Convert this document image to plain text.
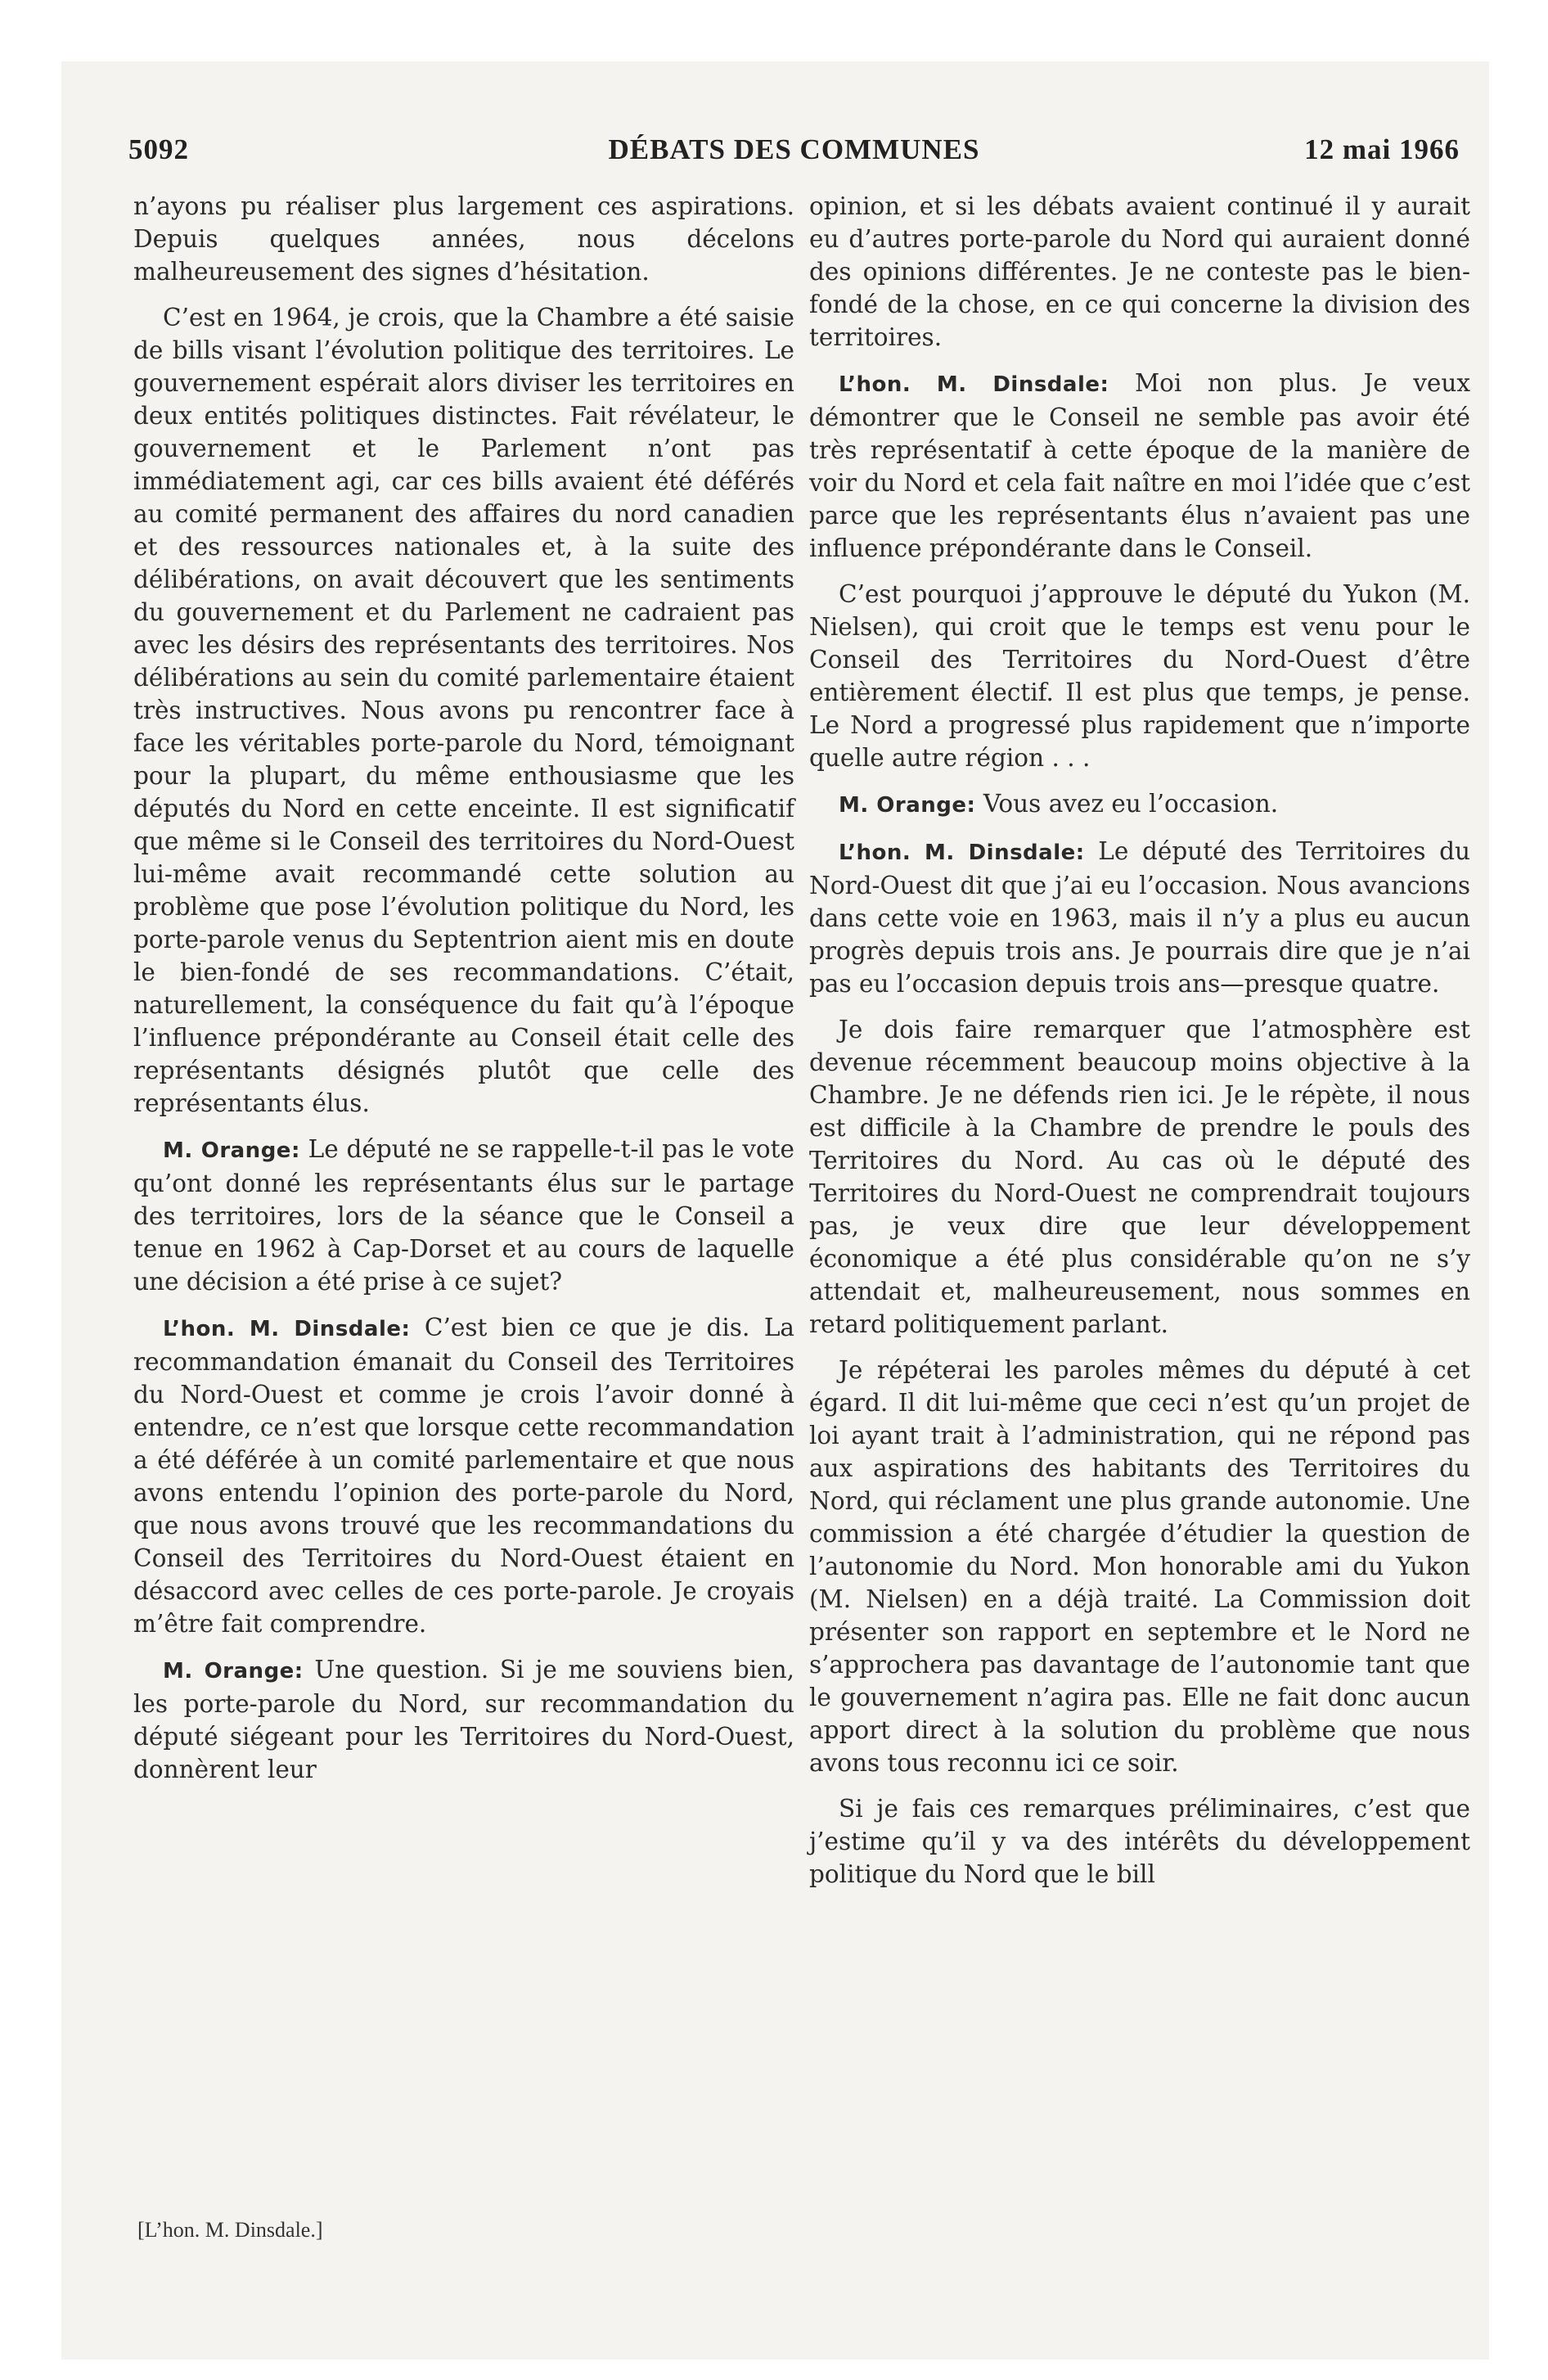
5092	DÉBATS DES COMMUNES	12 mai 1966

n’ayons pu réaliser plus largement ces aspirations. Depuis quelques années, nous décelons malheureusement des signes d’hésitation.

C’est en 1964, je crois, que la Chambre a été saisie de bills visant l’évolution politique des territoires. Le gouvernement espérait alors diviser les territoires en deux entités politiques distinctes. Fait révélateur, le gouvernement et le Parlement n’ont pas immédiatement agi, car ces bills avaient été déférés au comité permanent des affaires du nord canadien et des ressources nationales et, à la suite des délibérations, on avait découvert que les sentiments du gouvernement et du Parlement ne cadraient pas avec les désirs des représentants des territoires. Nos délibérations au sein du comité parlementaire étaient très instructives. Nous avons pu rencontrer face à face les véritables porte-parole du Nord, témoignant pour la plupart, du même enthousiasme que les députés du Nord en cette enceinte. Il est significatif que même si le Conseil des territoires du Nord-Ouest lui-même avait recommandé cette solution au problème que pose l’évolution politique du Nord, les porte-parole venus du Septentrion aient mis en doute le bien-fondé de ses recommandations. C’était, naturellement, la conséquence du fait qu’à l’époque l’influence prépondérante au Conseil était celle des représentants désignés plutôt que celle des représentants élus.

M. Orange: Le député ne se rappelle-t-il pas le vote qu’ont donné les représentants élus sur le partage des territoires, lors de la séance que le Conseil a tenue en 1962 à Cap-Dorset et au cours de laquelle une décision a été prise à ce sujet?

L’hon. M. Dinsdale: C’est bien ce que je dis. La recommandation émanait du Conseil des Territoires du Nord-Ouest et comme je crois l’avoir donné à entendre, ce n’est que lorsque cette recommandation a été déférée à un comité parlementaire et que nous avons entendu l’opinion des porte-parole du Nord, que nous avons trouvé que les recommandations du Conseil des Territoires du Nord-Ouest étaient en désaccord avec celles de ces porte-parole. Je croyais m’être fait comprendre.

M. Orange: Une question. Si je me souviens bien, les porte-parole du Nord, sur recommandation du député siégeant pour les Territoires du Nord-Ouest, donnèrent leur

opinion, et si les débats avaient continué il y aurait eu d’autres porte-parole du Nord qui auraient donné des opinions différentes. Je ne conteste pas le bien-fondé de la chose, en ce qui concerne la division des territoires.

L’hon. M. Dinsdale: Moi non plus. Je veux démontrer que le Conseil ne semble pas avoir été très représentatif à cette époque de la manière de voir du Nord et cela fait naître en moi l’idée que c’est parce que les représentants élus n’avaient pas une influence prépondérante dans le Conseil.

C’est pourquoi j’approuve le député du Yukon (M. Nielsen), qui croit que le temps est venu pour le Conseil des Territoires du Nord-Ouest d’être entièrement électif. Il est plus que temps, je pense. Le Nord a progressé plus rapidement que n’importe quelle autre région . . .

M. Orange: Vous avez eu l’occasion.

L’hon. M. Dinsdale: Le député des Territoires du Nord-Ouest dit que j’ai eu l’occasion. Nous avancions dans cette voie en 1963, mais il n’y a plus eu aucun progrès depuis trois ans. Je pourrais dire que je n’ai pas eu l’occasion depuis trois ans—presque quatre.

Je dois faire remarquer que l’atmosphère est devenue récemment beaucoup moins objective à la Chambre. Je ne défends rien ici. Je le répète, il nous est difficile à la Chambre de prendre le pouls des Territoires du Nord. Au cas où le député des Territoires du Nord-Ouest ne comprendrait toujours pas, je veux dire que leur développement économique a été plus considérable qu’on ne s’y attendait et, malheureusement, nous sommes en retard politiquement parlant.

Je répéterai les paroles mêmes du député à cet égard. Il dit lui-même que ceci n’est qu’un projet de loi ayant trait à l’administration, qui ne répond pas aux aspirations des habitants des Territoires du Nord, qui réclament une plus grande autonomie. Une commission a été chargée d’étudier la question de l’autonomie du Nord. Mon honorable ami du Yukon (M. Nielsen) en a déjà traité. La Commission doit présenter son rapport en septembre et le Nord ne s’approchera pas davantage de l’autonomie tant que le gouvernement n’agira pas. Elle ne fait donc aucun apport direct à la solution du problème que nous avons tous reconnu ici ce soir.

Si je fais ces remarques préliminaires, c’est que j’estime qu’il y va des intérêts du développement politique du Nord que le bill

[L’hon. M. Dinsdale.]
